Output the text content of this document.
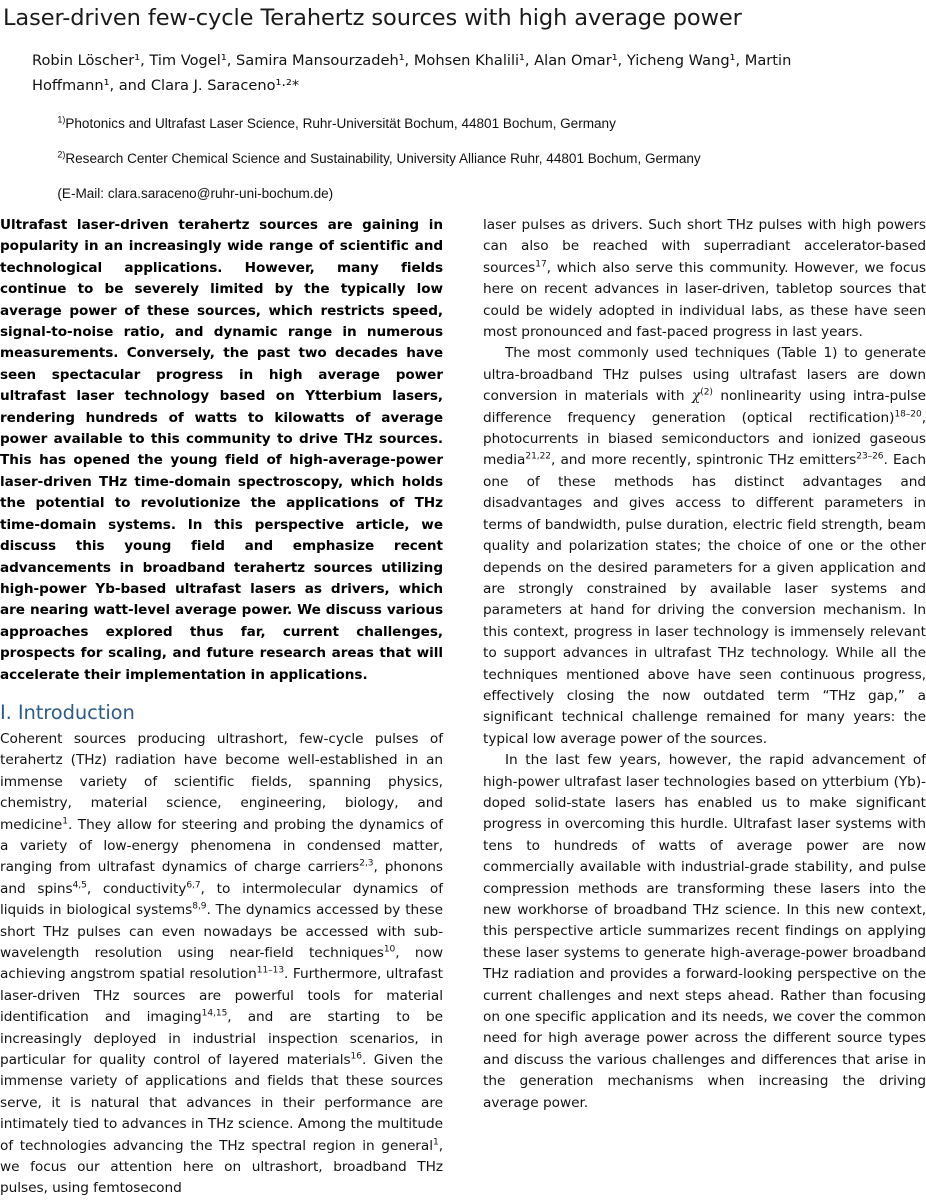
Laser-driven few-cycle Terahertz sources with high average power
Robin Löscher¹, Tim Vogel¹, Samira Mansourzadeh¹, Mohsen Khalili¹, Alan Omar¹, Yicheng Wang¹, Martin
Hoffmann¹, and Clara J. Saraceno¹·²*
$^{1)}$Photonics and Ultrafast Laser Science, Ruhr-Universität Bochum, 44801 Bochum, Germany
$^{2)}$Research Center Chemical Science and Sustainability, University Alliance Ruhr, 44801 Bochum, Germany
(E-Mail: clara.saraceno@ruhr-uni-bochum.de)

Ultrafast laser-driven terahertz sources are gaining in popularity in an increasingly wide range of scientific and technological applications. However, many fields continue to be severely limited by the typically low average power of these sources, which restricts speed, signal-to-noise ratio, and dynamic range in numerous measurements. Conversely, the past two decades have seen spectacular progress in high average power ultrafast laser technology based on Ytterbium lasers, rendering hundreds of watts to kilowatts of average power available to this community to drive THz sources. This has opened the young field of high-average-power laser-driven THz time-domain spectroscopy, which holds the potential to revolutionize the applications of THz time-domain systems. In this perspective article, we discuss this young field and emphasize recent advancements in broadband terahertz sources utilizing high-power Yb-based ultrafast lasers as drivers, which are nearing watt-level average power. We discuss various approaches explored thus far, current challenges, prospects for scaling, and future research areas that will accelerate their implementation in applications.

I. Introduction

Coherent sources producing ultrashort, few-cycle pulses of terahertz (THz) radiation have become well-established in an immense variety of scientific fields, spanning physics, chemistry, material science, engineering, biology, and medicine$^1$. They allow for steering and probing the dynamics of a variety of low-energy phenomena in condensed matter, ranging from ultrafast dynamics of charge carriers$^{2,3}$, phonons and spins$^{4,5}$, conductivity$^{6,7}$, to intermolecular dynamics of liquids in biological systems$^{8,9}$. The dynamics accessed by these short THz pulses can even nowadays be accessed with sub-wavelength resolution using near-field techniques$^{10}$, now achieving angstrom spatial resolution$^{11-13}$. Furthermore, ultrafast laser-driven THz sources are powerful tools for material identification and imaging$^{14,15}$, and are starting to be increasingly deployed in industrial inspection scenarios, in particular for quality control of layered materials$^{16}$. Given the immense variety of applications and fields that these sources serve, it is natural that advances in their performance are intimately tied to advances in THz science. Among the multitude of technologies advancing the THz spectral region in general$^1$, we focus our attention here on ultrashort, broadband THz pulses, using femtosecond

laser pulses as drivers. Such short THz pulses with high powers can also be reached with superradiant accelerator-based sources$^{17}$, which also serve this community. However, we focus here on recent advances in laser-driven, tabletop sources that could be widely adopted in individual labs, as these have seen most pronounced and fast-paced progress in last years.

The most commonly used techniques (Table 1) to generate ultra-broadband THz pulses using ultrafast lasers are down conversion in materials with $\chi^{(2)}$ nonlinearity using intra-pulse difference frequency generation (optical rectification)$^{18-20}$, photocurrents in biased semiconductors and ionized gaseous media$^{21,22}$, and more recently, spintronic THz emitters$^{23-26}$. Each one of these methods has distinct advantages and disadvantages and gives access to different parameters in terms of bandwidth, pulse duration, electric field strength, beam quality and polarization states; the choice of one or the other depends on the desired parameters for a given application and are strongly constrained by available laser systems and parameters at hand for driving the conversion mechanism. In this context, progress in laser technology is immensely relevant to support advances in ultrafast THz technology. While all the techniques mentioned above have seen continuous progress, effectively closing the now outdated term “THz gap,” a significant technical challenge remained for many years: the typical low average power of the sources.

In the last few years, however, the rapid advancement of high-power ultrafast laser technologies based on ytterbium (Yb)-doped solid-state lasers has enabled us to make significant progress in overcoming this hurdle. Ultrafast laser systems with tens to hundreds of watts of average power are now commercially available with industrial-grade stability, and pulse compression methods are transforming these lasers into the new workhorse of broadband THz science. In this new context, this perspective article summarizes recent findings on applying these laser systems to generate high-average-power broadband THz radiation and provides a forward-looking perspective on the current challenges and next steps ahead. Rather than focusing on one specific application and its needs, we cover the common need for high average power across the different source types and discuss the various challenges and differences that arise in the generation mechanisms when increasing the driving average power.
